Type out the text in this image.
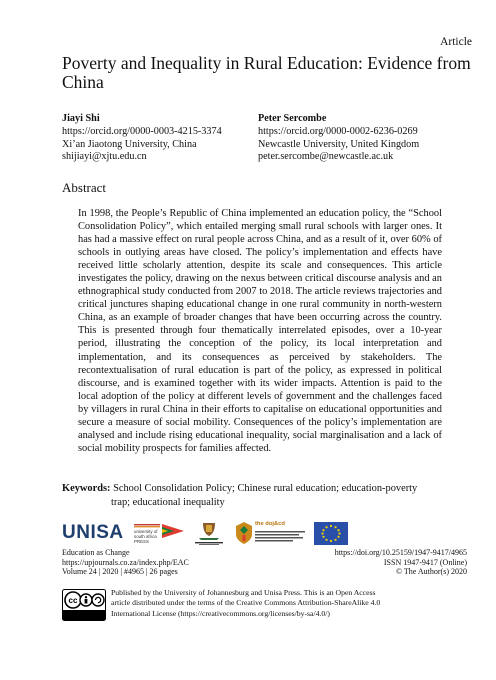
Article
Poverty and Inequality in Rural Education: Evidence from China
Jiayi Shi
https://orcid.org/0000-0003-4215-3374
Xi’an Jiaotong University, China
shijiayi@xjtu.edu.cn
Peter Sercombe
https://orcid.org/0000-0002-6236-0269
Newcastle University, United Kingdom
peter.sercombe@newcastle.ac.uk
Abstract
In 1998, the People’s Republic of China implemented an education policy, the “School Consolidation Policy”, which entailed merging small rural schools with larger ones. It has had a massive effect on rural people across China, and as a result of it, over 60% of schools in outlying areas have closed. The policy’s implementation and effects have received little scholarly attention, despite its scale and consequences. This article investigates the policy, drawing on the nexus between critical discourse analysis and an ethnographical study conducted from 2007 to 2018. The article reviews trajectories and critical junctures shaping educational change in one rural community in north-western China, as an example of broader changes that have been occurring across the country. This is presented through four thematically interrelated episodes, over a 10-year period, illustrating the conception of the policy, its local interpretation and implementation, and its consequences as perceived by stakeholders. The recontextualisation of rural education is part of the policy, as expressed in political discourse, and is examined together with its wider impacts. Attention is paid to the local adoption of the policy at different levels of government and the challenges faced by villagers in rural China in their efforts to capitalise on educational opportunities and secure a measure of social mobility. Consequences of the policy’s implementation are analysed and include rising educational inequality, social marginalisation and a lack of social mobility prospects for families affected.
Keywords: School Consolidation Policy; Chinese rural education; education-poverty
trap; educational inequality
UNISA university of south africa PRESS
the doj&cd
Education as Change
https://upjournals.co.za/index.php/EAC
Volume 24 | 2020 | #4965 | 26 pages
https://doi.org/10.25159/1947-9417/4965
ISSN 1947-9417 (Online)
© The Author(s) 2020
cc
Published by the University of Johannesburg and Unisa Press. This is an Open Access
article distributed under the terms of the Creative Commons Attribution-ShareAlike 4.0
International License (https://creativecommons.org/licenses/by-sa/4.0/)
